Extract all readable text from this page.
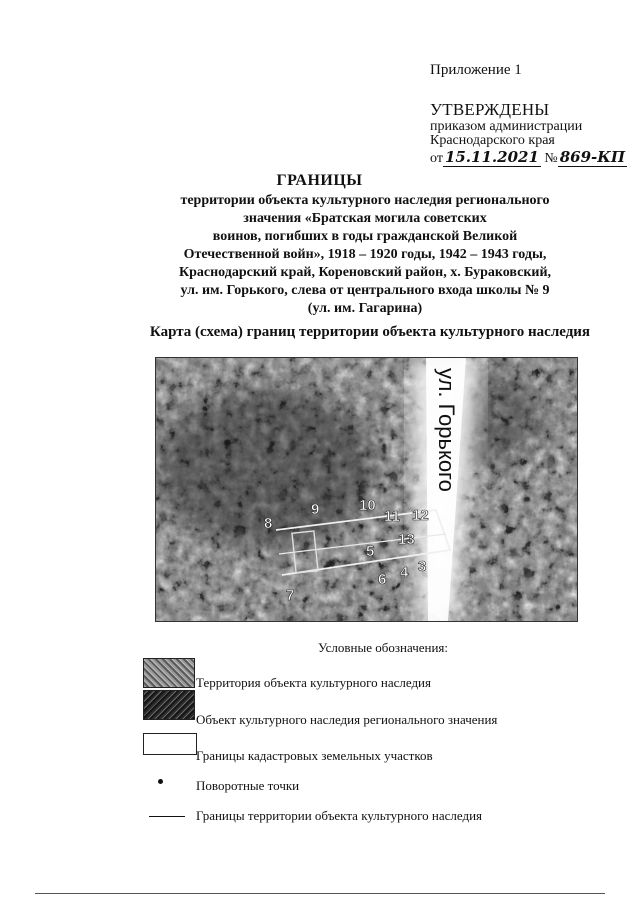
Приложение 1
УТВЕРЖДЕНЫ
приказом администрации
Краснодарского края
от 15.11.2021 № 869-КП
ГРАНИЦЫ
территории объекта культурного наследия регионального
значения «Братская могила советских
воинов, погибших в годы гражданской Великой
Отечественной войн», 1918 – 1920 годы, 1942 – 1943 годы,
Краснодарский край, Кореновский район, х. Бураковский,
ул. им. Горького, слева от центрального входа школы № 9
(ул. им. Гагарина)
Карта (схема) границ территории объекта культурного наследия
8
9	10
11 12
13
5
6 4 3
7
ул. Горького
Условные обозначения:
Территория объекта культурного наследия
Объект культурного наследия регионального значения
Границы кадастровых земельных участков
Поворотные точки
Границы территории объекта культурного наследия
